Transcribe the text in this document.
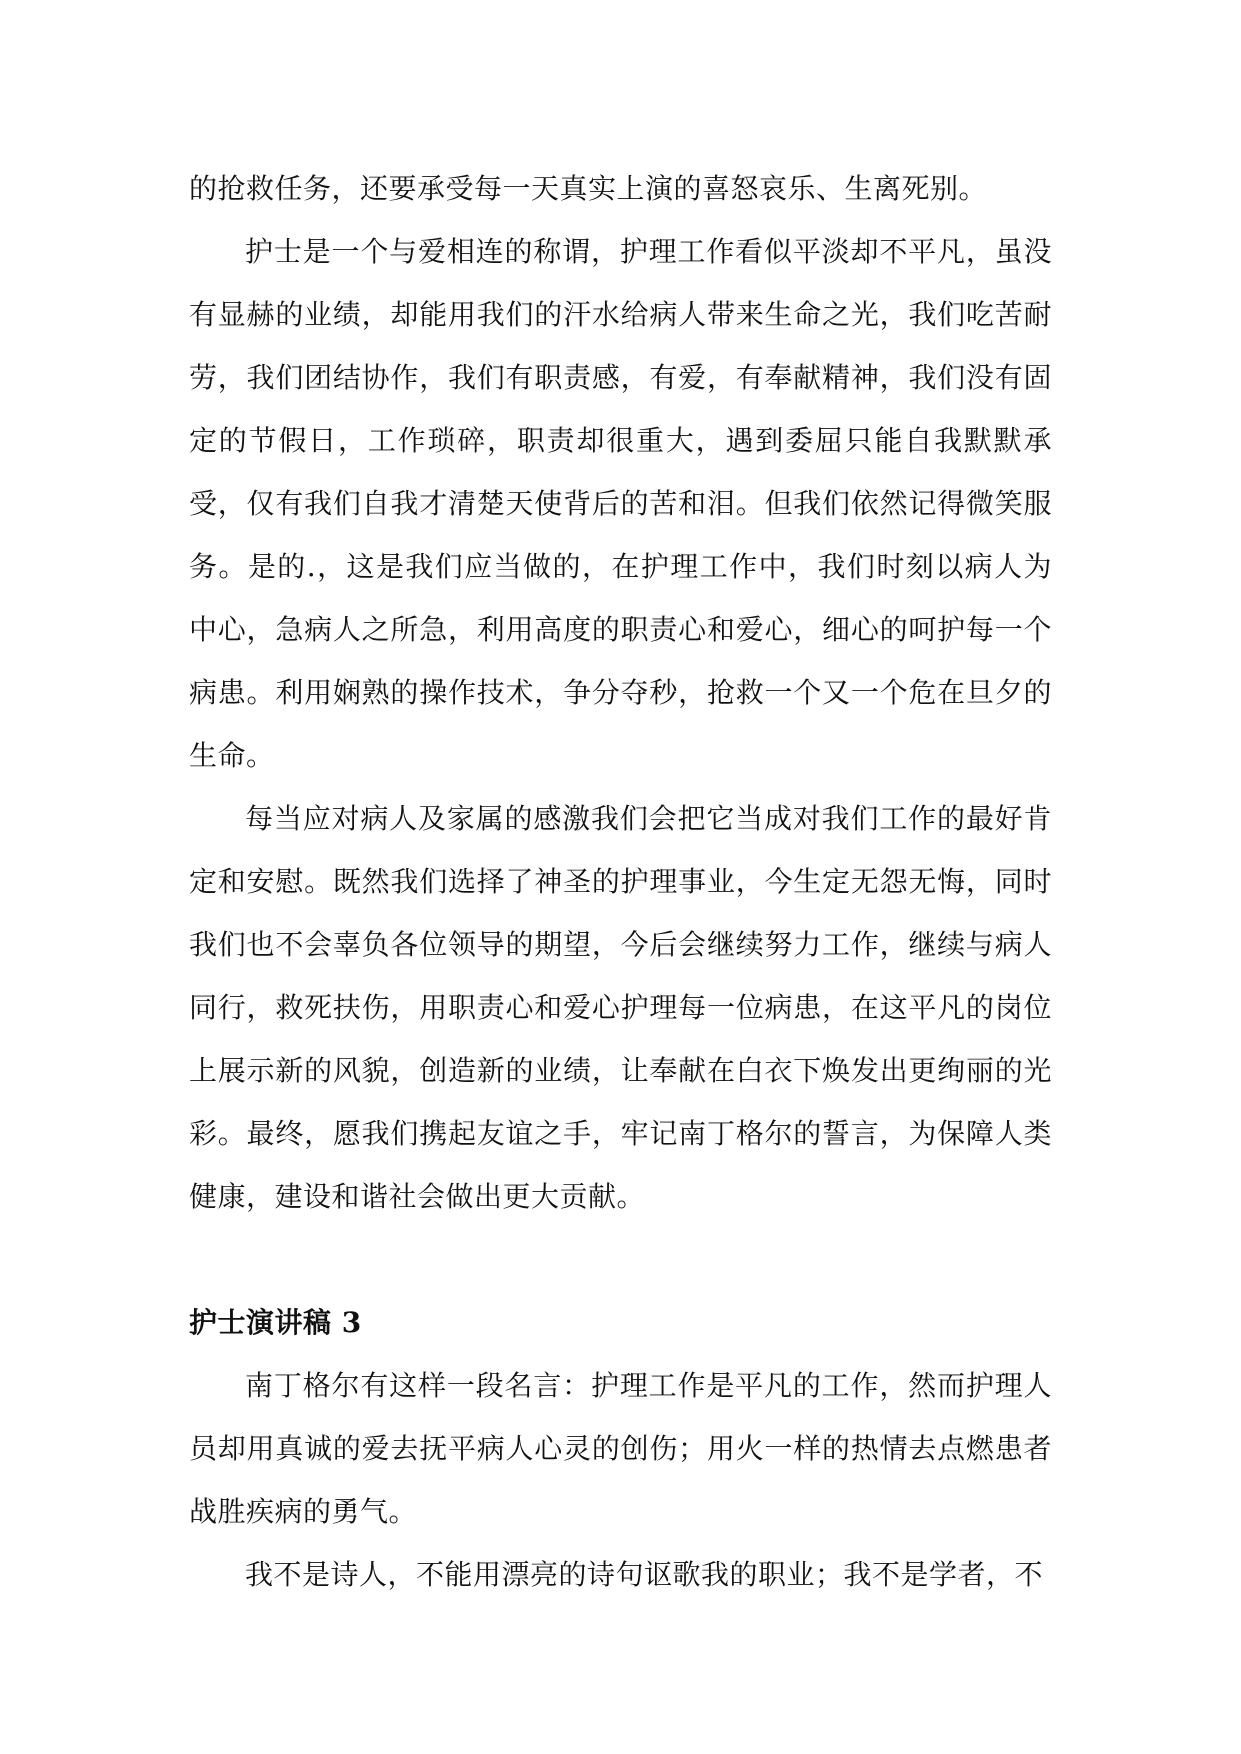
的抢救任务，还要承受每一天真实上演的喜怒哀乐、生离死别。

护士是一个与爱相连的称谓，护理工作看似平淡却不平凡，虽没有显赫的业绩，却能用我们的汗水给病人带来生命之光，我们吃苦耐劳，我们团结协作，我们有职责感，有爱，有奉献精神，我们没有固定的节假日，工作琐碎，职责却很重大，遇到委屈只能自我默默承受，仅有我们自我才清楚天使背后的苦和泪。但我们依然记得微笑服务。是的.，这是我们应当做的，在护理工作中，我们时刻以病人为中心，急病人之所急，利用高度的职责心和爱心，细心的呵护每一个病患。利用娴熟的操作技术，争分夺秒，抢救一个又一个危在旦夕的生命。

每当应对病人及家属的感激我们会把它当成对我们工作的最好肯定和安慰。既然我们选择了神圣的护理事业，今生定无怨无悔，同时我们也不会辜负各位领导的期望，今后会继续努力工作，继续与病人同行，救死扶伤，用职责心和爱心护理每一位病患，在这平凡的岗位上展示新的风貌，创造新的业绩，让奉献在白衣下焕发出更绚丽的光彩。最终，愿我们携起友谊之手，牢记南丁格尔的誓言，为保障人类健康，建设和谐社会做出更大贡献。

护士演讲稿 3

南丁格尔有这样一段名言：护理工作是平凡的工作，然而护理人员却用真诚的爱去抚平病人心灵的创伤；用火一样的热情去点燃患者战胜疾病的勇气。

我不是诗人，不能用漂亮的诗句讴歌我的职业；我不是学者，不
